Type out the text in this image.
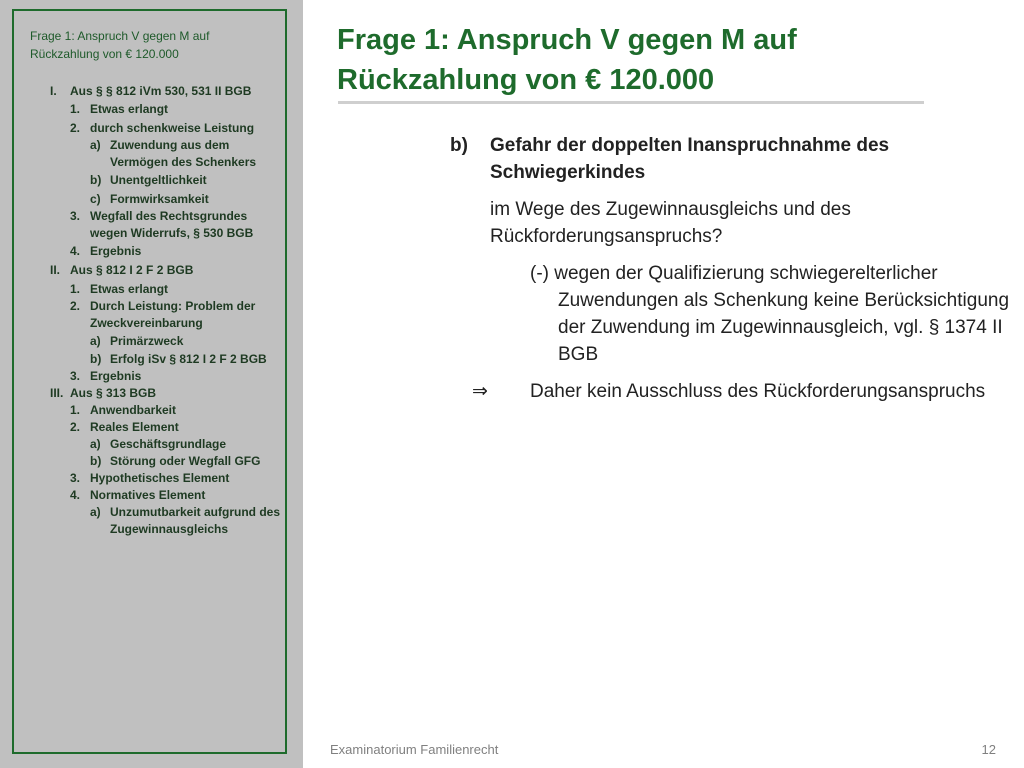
Frage 1: Anspruch V gegen M auf Rückzahlung von € 120.000
I.	Aus § § 812 iVm 530, 531 II BGB
1. Etwas erlangt
2. durch schenkweise Leistung
a) Zuwendung aus dem Vermögen des Schenkers
b) Unentgeltlichkeit
c) Formwirksamkeit
3. Wegfall des Rechtsgrundes wegen Widerrufs, § 530 BGB
4. Ergebnis
II. Aus § 812 I 2 F 2 BGB
1. Etwas erlangt
2. Durch Leistung: Problem der Zweckvereinbarung
a) Primärzweck
b) Erfolg iSv § 812 I 2 F 2 BGB
3. Ergebnis
III. Aus § 313 BGB
1. Anwendbarkeit
2. Reales Element
a) Geschäftsgrundlage
b) Störung oder Wegfall GFG
3. Hypothetisches Element
4. Normatives Element
a) Unzumutbarkeit aufgrund des Zugewinnausgleichs
Frage 1: Anspruch V gegen M auf Rückzahlung von € 120.000
b) Gefahr der doppelten Inanspruchnahme des Schwiegerkindes
im Wege des Zugewinnausgleichs und des Rückforderungsanspruchs?
(-) wegen der Qualifizierung schwiegerelterlicher Zuwendungen als Schenkung keine Berücksichtigung der Zuwendung im Zugewinnausgleich, vgl. § 1374 II BGB
⇒ Daher kein Ausschluss des Rückforderungsanspruchs
Examinatorium Familienrecht	12
